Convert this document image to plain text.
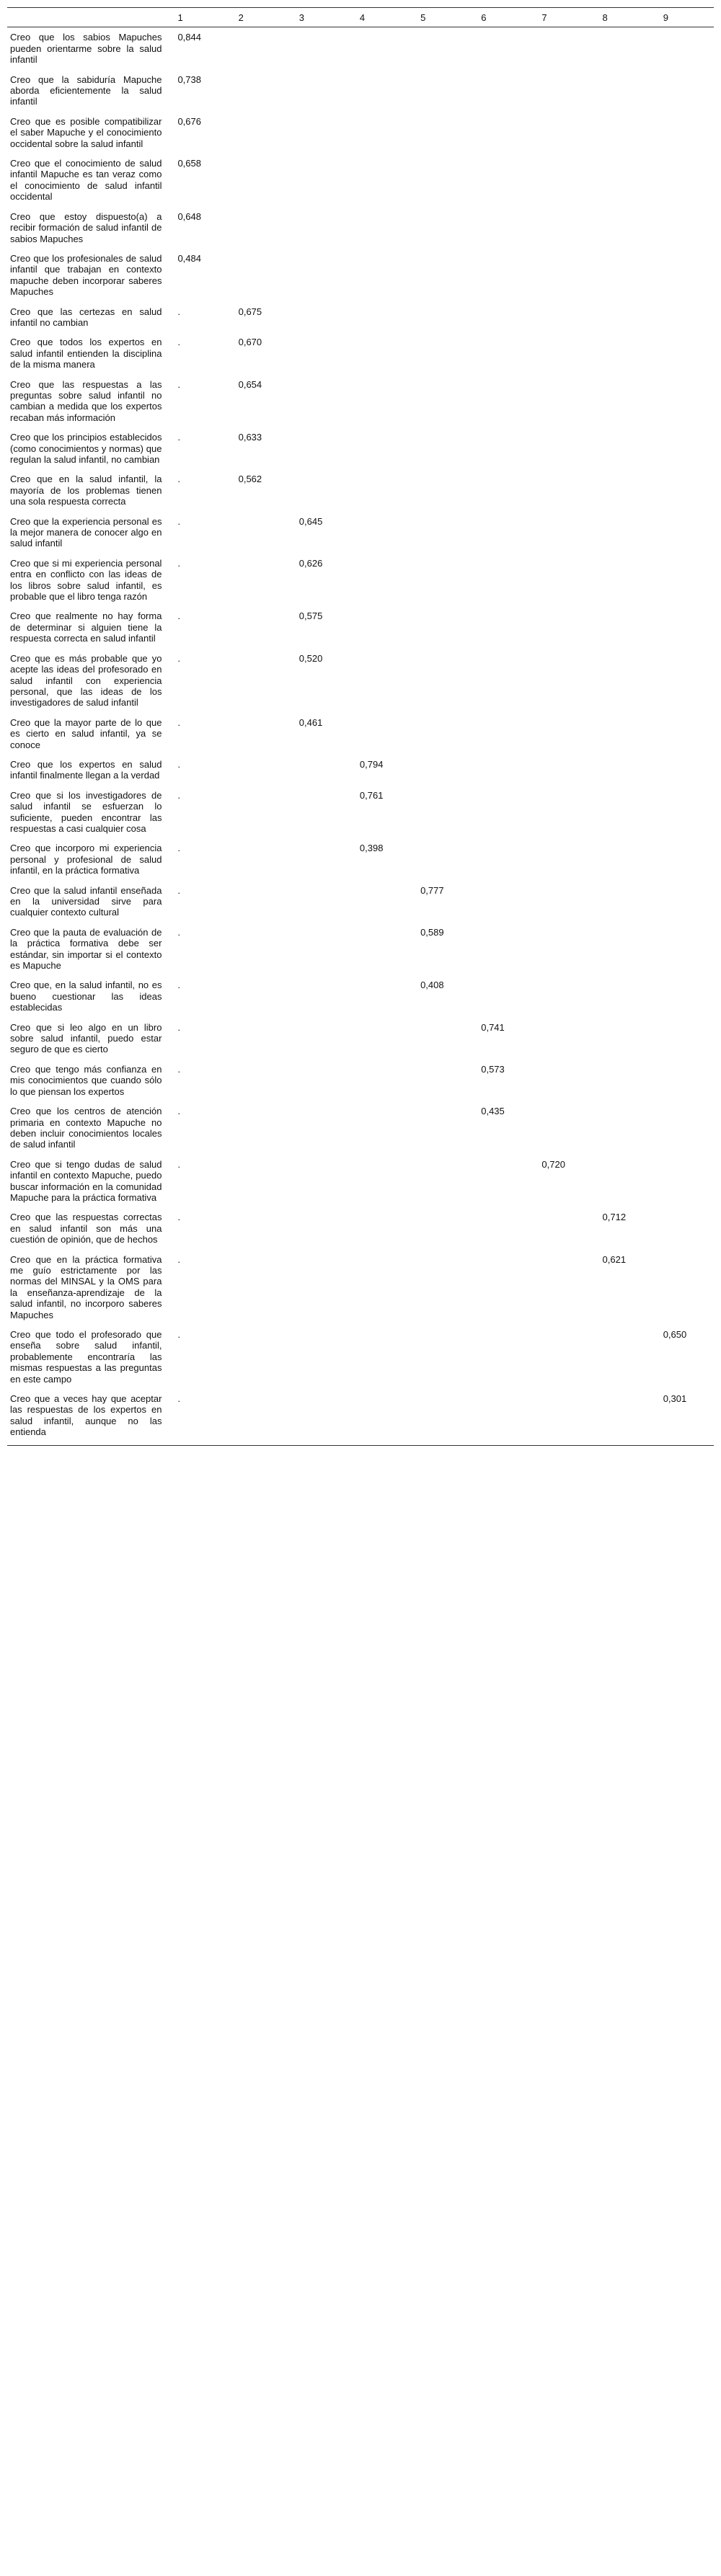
	1	2	3	4	5	6	7	8	9
Creo que los sabios Mapuches pueden orientarme sobre la salud infantil	0,844								
Creo que la sabiduría Mapuche aborda eficientemente la salud infantil	0,738								
Creo que es posible compatibilizar el saber Mapuche y el conocimiento occidental sobre la salud infantil	0,676								
Creo que el conocimiento de salud infantil Mapuche es tan veraz como el conocimiento de salud infantil occidental	0,658								
Creo que estoy dispuesto(a) a recibir formación de salud infantil de sabios Mapuches	0,648								
Creo que los profesionales de salud infantil que trabajan en contexto mapuche deben incorporar saberes Mapuches	0,484								
Creo que las certezas en salud infantil no cambian	.	0,675							
Creo que todos los expertos en salud infantil entienden la disciplina de la misma manera	.	0,670							
Creo que las respuestas a las preguntas sobre salud infantil no cambian a medida que los expertos recaban más información	.	0,654							
Creo que los principios establecidos (como conocimientos y normas) que regulan la salud infantil, no cambian	.	0,633							
Creo que en la salud infantil, la mayoría de los problemas tienen una sola respuesta correcta	.	0,562							
Creo que la experiencia personal es la mejor manera de conocer algo en salud infantil	.		0,645						
Creo que si mi experiencia personal entra en conflicto con las ideas de los libros sobre salud infantil, es probable que el libro tenga razón	.		0,626						
Creo que realmente no hay forma de determinar si alguien tiene la respuesta correcta en salud infantil	.		0,575						
Creo que es más probable que yo acepte las ideas del profesorado en salud infantil con experiencia personal, que las ideas de los investigadores de salud infantil	.		0,520						
Creo que la mayor parte de lo que es cierto en salud infantil, ya se conoce	.		0,461						
Creo que los expertos en salud infantil finalmente llegan a la verdad	.			0,794					
Creo que si los investigadores de salud infantil se esfuerzan lo suficiente, pueden encontrar las respuestas a casi cualquier cosa	.			0,761					
Creo que incorporo mi experiencia personal y profesional de salud infantil, en la práctica formativa	.			0,398					
Creo que la salud infantil enseñada en la universidad sirve para cualquier contexto cultural	.				0,777				
Creo que la pauta de evaluación de la práctica formativa debe ser estándar, sin importar si el contexto es Mapuche	.				0,589				
Creo que, en la salud infantil, no es bueno cuestionar las ideas establecidas	.				0,408				
Creo que si leo algo en un libro sobre salud infantil, puedo estar seguro de que es cierto	.					0,741			
Creo que tengo más confianza en mis conocimientos que cuando sólo lo que piensan los expertos	.					0,573			
Creo que los centros de atención primaria en contexto Mapuche no deben incluir conocimientos locales de salud infantil	.					0,435			
Creo que si tengo dudas de salud infantil en contexto Mapuche, puedo buscar información en la comunidad Mapuche para la práctica formativa	.						0,720		
Creo que las respuestas correctas en salud infantil son más una cuestión de opinión, que de hechos	.							0,712	
Creo que en la práctica formativa me guío estrictamente por las normas del MINSAL y la OMS para la enseñanza-aprendizaje de la salud infantil, no incorporo saberes Mapuches	.							0,621	
Creo que todo el profesorado que enseña sobre salud infantil, probablemente encontraría las mismas respuestas a las preguntas en este campo	.								0,650
Creo que a veces hay que aceptar las respuestas de los expertos en salud infantil, aunque no las entienda	.								0,301
